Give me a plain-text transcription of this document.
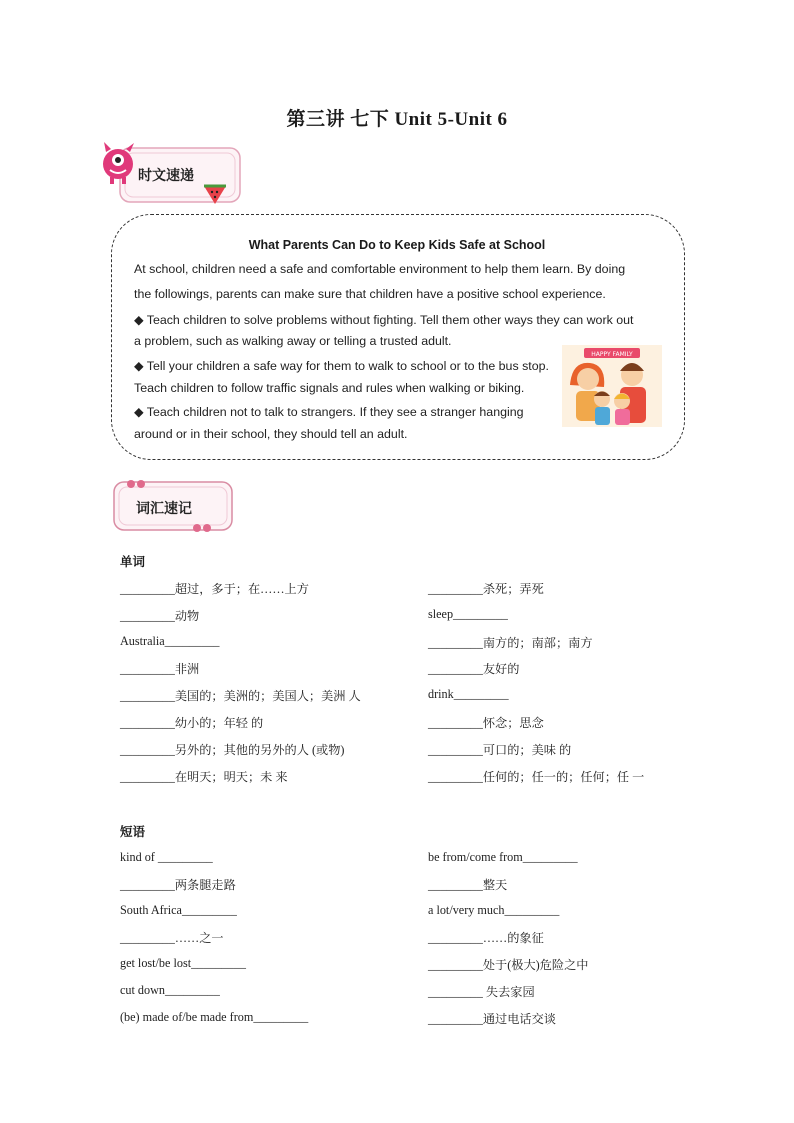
第三讲 七下 Unit 5-Unit 6
时文速递
What Parents Can Do to Keep Kids Safe at School
At school, children need a safe and comfortable environment to help them learn. By doing
the followings, parents can make sure that children have a positive school experience.
◆ Teach children to solve problems without fighting. Tell them other ways they can work out
a problem, such as walking away or telling a trusted adult.
◆ Tell your children a safe way for them to walk to school or to the bus stop.
Teach children to follow traffic signals and rules when walking or biking.
◆ Teach children not to talk to strangers. If they see a stranger hanging
around or in their school, they should tell an adult.
HAPPY FAMILY
词汇速记
单词
_________超过，多于；在……上方
_________动物
Australia_________
_________非洲
_________美国的；美洲的；美国人；美洲 人
_________幼小的；年轻 的
_________另外的；其他的另外的人 (或物)
_________在明天；明天；未 来
_________杀死；弄死
sleep_________
_________南方的；南部；南方
_________友好的
drink_________
_________怀念；思念
_________可口的；美味 的
_________任何的；任一的；任何；任 一
短语
kind of _________
_________两条腿走路
South Africa_________
_________……之一
get lost/be lost_________
cut down_________
(be) made of/be made from_________
be from/come from_________
_________整天
a lot/very much_________
_________……的象征
_________处于(极大)危险之中
_________ 失去家园
_________通过电话交谈
